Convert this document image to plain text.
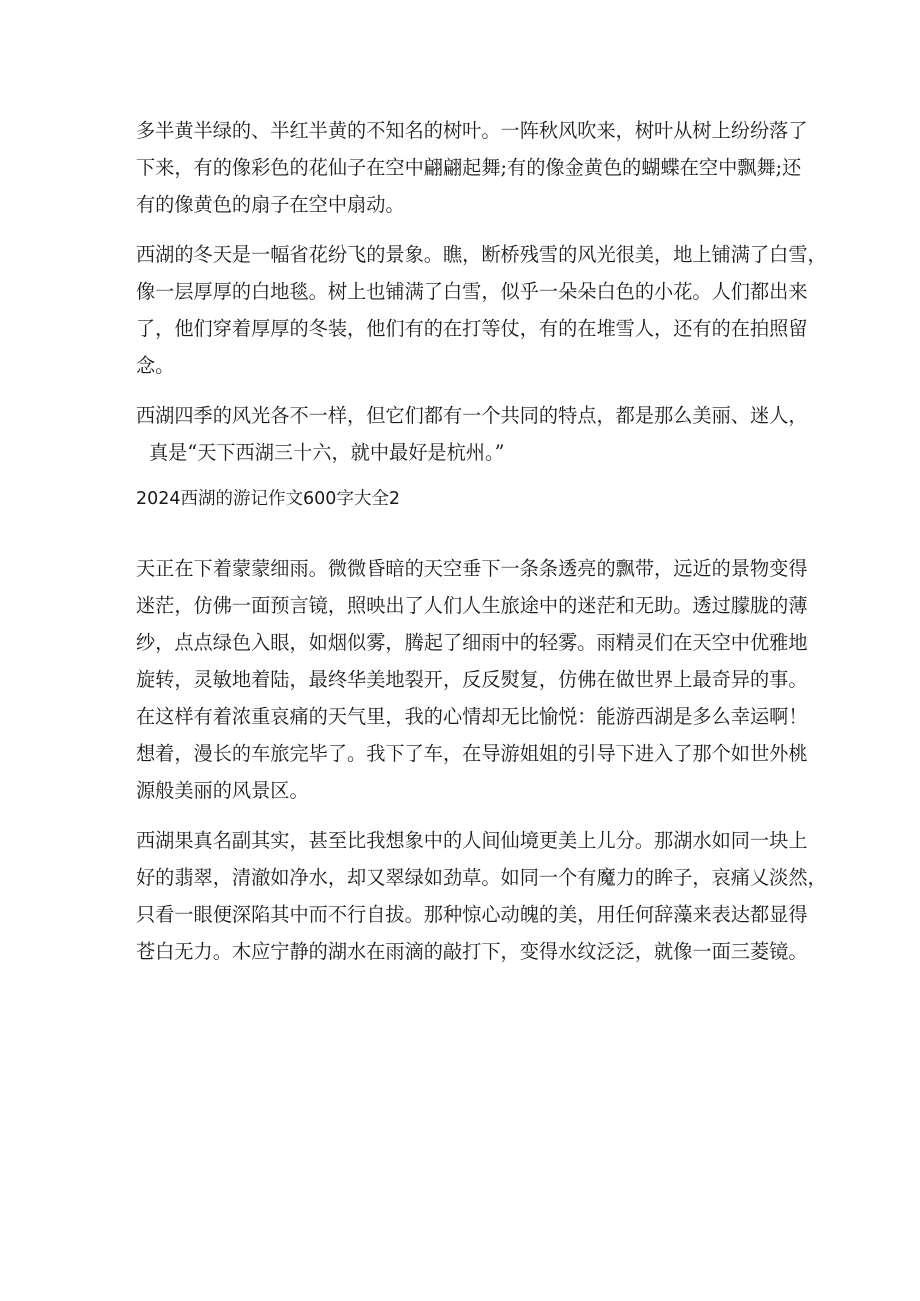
多半黄半绿的、半红半黄的不知名的树叶。一阵秋风吹来，树叶从树上纷纷落了
下来，有的像彩色的花仙子在空中翩翩起舞;有的像金黄色的蝴蝶在空中飘舞;还
有的像黄色的扇子在空中扇动。
西湖的冬天是一幅省花纷飞的景象。瞧，断桥残雪的风光很美，地上铺满了白雪，
像一层厚厚的白地毯。树上也铺满了白雪，似乎一朵朵白色的小花。人们都出来
了，他们穿着厚厚的冬装，他们有的在打等仗，有的在堆雪人，还有的在拍照留
念。
西湖四季的风光各不一样，但它们都有一个共同的特点，都是那么美丽、迷人，
真是“天下西湖三十六，就中最好是杭州。”
2024西湖的游记作文600字大全2
天正在下着蒙蒙细雨。微微昏暗的天空垂下一条条透亮的飘带，远近的景物变得
迷茫，仿佛一面预言镜，照映出了人们人生旅途中的迷茫和无助。透过朦胧的薄
纱，点点绿色入眼，如烟似雾，腾起了细雨中的轻雾。雨精灵们在天空中优雅地
旋转，灵敏地着陆，最终华美地裂开，反反熨复，仿佛在做世界上最奇异的事。
在这样有着浓重哀痛的天气里，我的心情却无比愉悦：能游西湖是多么幸运啊！
想着，漫长的车旅完毕了。我下了车，在导游姐姐的引导下进入了那个如世外桃
源般美丽的风景区。
西湖果真名副其实，甚至比我想象中的人间仙境更美上儿分。那湖水如同一块上
好的翡翠，清澈如净水，却又翠绿如劲草。如同一个有魔力的眸子，哀痛乂淡然，
只看一眼便深陷其中而不行自拔。那种惊心动魄的美，用任何辞藻来表达都显得
苍白无力。木应宁静的湖水在雨滴的敲打下，变得水纹泛泛，就像一面三菱镜。
